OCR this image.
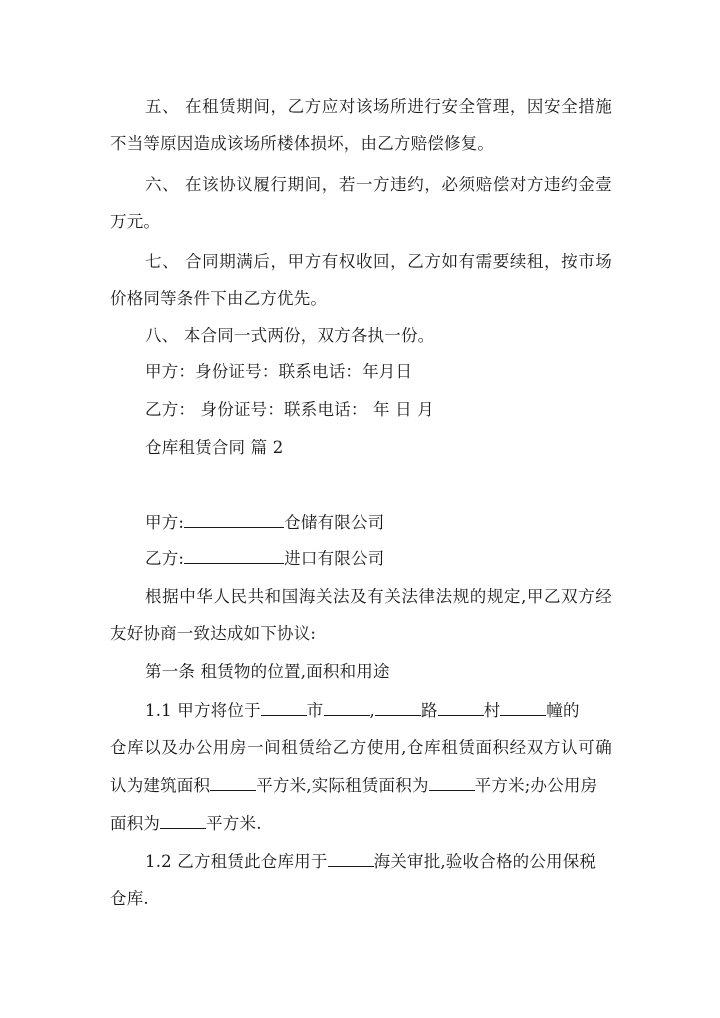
五、 在租赁期间，乙方应对该场所进行安全管理，因安全措施
不当等原因造成该场所楼体损坏，由乙方赔偿修复。
六、 在该协议履行期间，若一方违约，必须赔偿对方违约金壹
万元。
七、 合同期满后，甲方有权收回，乙方如有需要续租，按市场
价格同等条件下由乙方优先。
八、 本合同一式两份，双方各执一份。
甲方：身份证号：联系电话：年月日
乙方： 身份证号：联系电话： 年 日 月
仓库租赁合同 篇 2
甲方:	仓储有限公司
乙方:	进口有限公司
根据中华人民共和国海关法及有关法律法规的规定,甲乙双方经
友好协商一致达成如下协议:
第一条 租赁物的位置,面积和用途
1.1 甲方将位于	市	,	路	村	幢的
仓库以及办公用房一间租赁给乙方使用,仓库租赁面积经双方认可确
认为建筑面积	平方米,实际租赁面积为	平方米;办公用房
面积为	平方米.
1.2 乙方租赁此仓库用于	海关审批,验收合格的公用保税
仓库.
